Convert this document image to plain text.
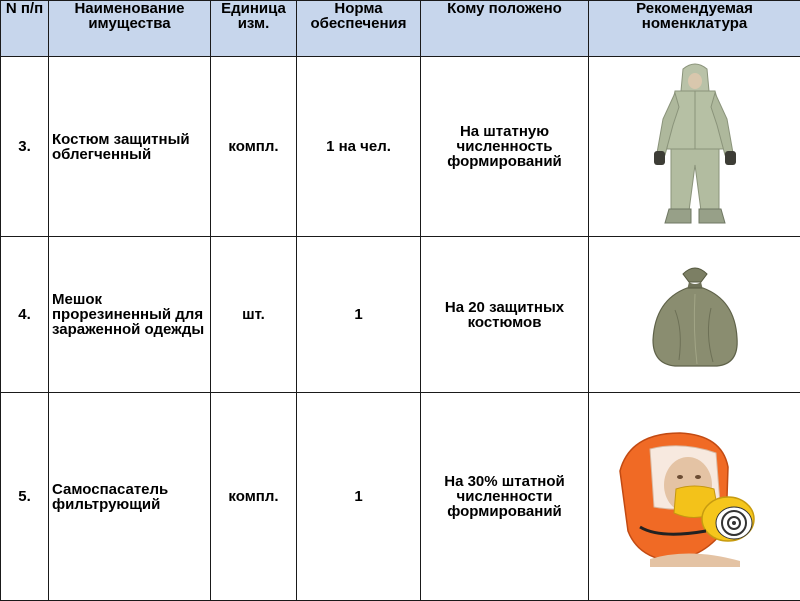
N п/п	Наименование имущества	Единица изм.	Норма обеспечения	Кому положено	Рекомендуемая номенклатура
3.	Костюм защитный облегченный	компл.	1 на чел.	На штатную численность формирований	

4.	Мешок прорезиненный для зараженной одежды	шт.	1	На 20 защитных костюмов	

5.	Самоспасатель фильтрующий	компл.	1	На 30% штатной численности формирований	
